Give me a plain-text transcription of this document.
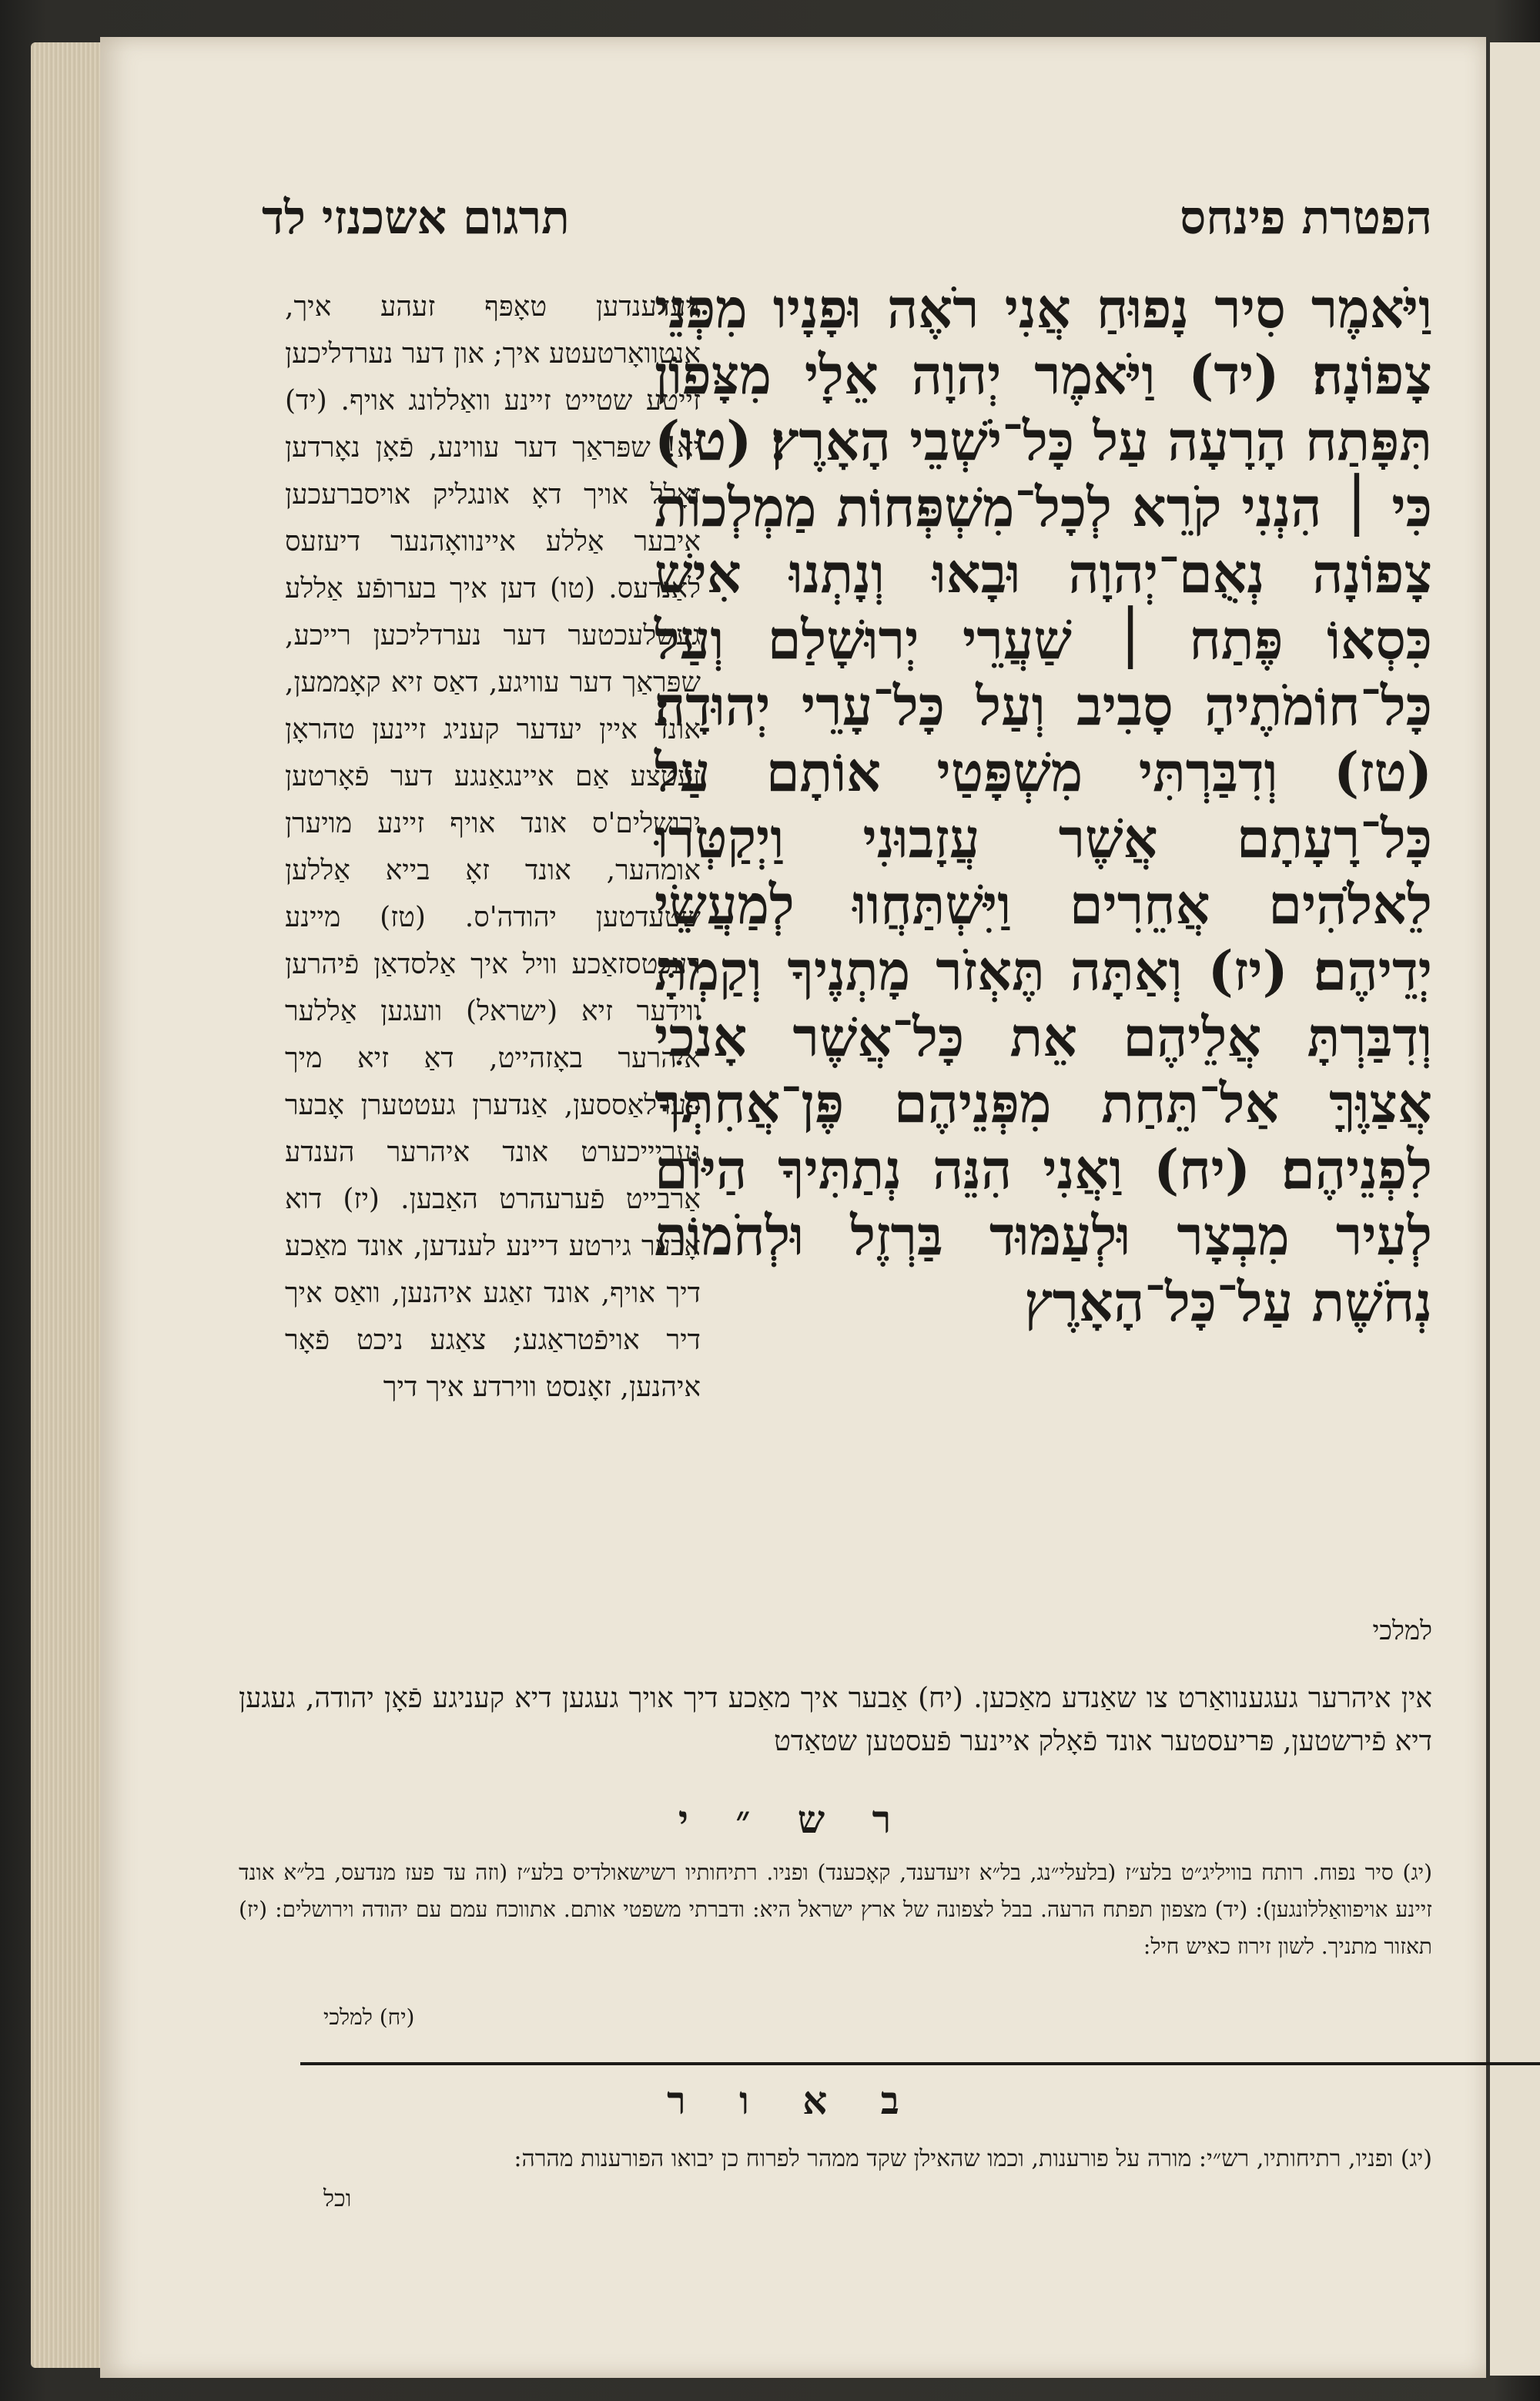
הפטרת פינחס
תרגום אשכנזי לד
וַיֹּאמֶר סִיר נָפוּחַ אֲנִי רֹאֶה וּפָנָיו מִפְּנֵי צָפוֹנָה׃ (יד) וַיֹּאמֶר יְהוָה אֵלָי מִצָּפוֹן תִּפָּתַח הָרָעָה עַל כָּל־יֹשְׁבֵי הָאָרֶץ׃ (טו) כִּי ׀ הִנְנִי קֹרֵא לְכָל־מִשְׁפְּחוֹת מַמְלְכוֹת צָפוֹנָה נְאֻם־יְהוָה וּבָאוּ וְנָתְנוּ אִישׁ כִּסְאוֹ פֶּתַח ׀ שַׁעֲרֵי יְרוּשָׁלַם וְעַל כָּל־חוֹמֹתֶיהָ סָבִיב וְעַל כָּל־עָרֵי יְהוּדָה׃ (טז) וְדִבַּרְתִּי מִשְׁפָּטַי אוֹתָם עַל כָּל־רָעָתָם אֲשֶׁר עֲזָבוּנִי וַיְקַטְּרוּ לֵאלֹהִים אֲחֵרִים וַיִּשְׁתַּחֲווּ לְמַעֲשֵׂי יְדֵיהֶם׃ (יז) וְאַתָּה תֶּאְזֹר מָתְנֶיךָ וְקַמְתָּ וְדִבַּרְתָּ אֲלֵיהֶם אֵת כָּל־אֲשֶׁר אָנֹכִי אֲצַוֶּךָּ אַל־תֵּחַת מִפְּנֵיהֶם פֶּן־אֲחִתְּךָ לִפְנֵיהֶם׃ (יח) וַאֲנִי הִנֵּה נְתַתִּיךָ הַיּוֹם לְעִיר מִבְצָר וּלְעַמּוּד בַּרְזֶל וּלְחֹמוֹת נְחֹשֶׁת עַל־כָּל־הָאָרֶץ
זיעדענדען טאָפּף זעהע איך, אַנטוואָרטעטע איך; און דער נערדליכען זייטע שטייט זיינע וואַללונג אויף. (יד) יא! שפּראַך דער עווינע, פֿאָן נאָרדען זאָלל אויך דאָ אונגליק אויסברעכען איבער אַללע איינוואָהנער דיעזעס לאַנדעס. (טו) דען איך בערופֿע אַללע געשלעכטער דער נערדליכען רייכע, שפּראַך דער עוויגע, דאַס זיא קאָממען, אונד איין יעדער קעניג זיינען טהראָן זעטצע אַם איינגאַנגע דער פֿאָרטען ירושלים'ס אונד אויף זיינע מויערן אומהער, אונד זאָ בייא אַללען שטעדטען יהודה'ס. (טז) מיינע רעכטסזאַכע וויל איך אַלסדאַן פֿיהרען ווידער זיא (ישראל) וועגען אַללער איהרער באָזהייט, דאַ זיא מיך פֿערלאַססען, אַנדערן געטטערן אָבער געריייכערט אונד איהרער הענדע אַרבייט פֿערעהרט האַבען. (יז) דוא אָבער גירטע דיינע לענדען, אונד מאַכע דיך אויף, אונד זאַגע איהנען, וואַס איך דיר אויפֿטראַגע; צאַגע ניכט פֿאָר איהנען, זאָנסט ווירדע איך דיך
למלכי
אין איהרער געגענוואַרט צו שאַנדע מאַכען. (יח) אַבער איך מאַכע דיך אויך געגען דיא קעניגע פֿאָן יהודה, געגען דיא פֿירשטען, פּריעסטער אונד פֿאָלק איינער פֿעסטען שטאַדט
ר ש ״ י
(יג) סיר נפוח. רותח בוויליג״ט בלע״ז (בלעלי״נג, בל״א זיעדענד, קאָכענד) ופניו. רתיחותיו רשישאולדיס בלע״ז (וזה עד פעז מנדעס, בל״א אונד זיינע אויפוואַללונגען): (יד) מצפון תפתח הרעה. בבל לצפונה של ארץ ישראל היא: ודברתי משפטי אותם. אתווכח עמם עם יהודה וירושלים: (יז) תאזור מתניך. לשון זירוז כאיש חיל:
(יח) למלכי
ב א ו ר
(יג) ופניו, רתיחותיו, רש״י: מורה על פורענות, וכמו שהאילן שקד ממהר לפרוח כן יבואו הפורענות מהרה:
וכל
